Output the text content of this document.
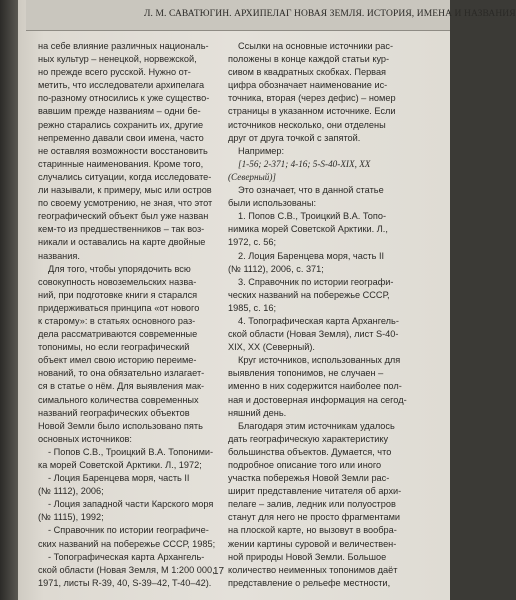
Л. М. САВАТЮГИН. АРХИПЕЛАГ НОВАЯ ЗЕМЛЯ. ИСТОРИЯ, ИМЕНА И НАЗВАНИЯ
на себе влияние различных националь-
ных культур – ненецкой, норвежской,
но прежде всего русской. Нужно от-
метить, что исследователи архипелага
по-разному относились к уже существо-
вавшим прежде названиям – одни бе-
режно старались сохранить их, другие
непременно давали свои имена, часто
не оставляя возможности восстановить
старинные наименования. Кроме того,
случались ситуации, когда исследовате-
ли называли, к примеру, мыс или остров
по своему усмотрению, не зная, что этот
географический объект был уже назван
кем-то из предшественников – так воз-
никали и оставались на карте двойные
названия.
Для того, чтобы упорядочить всю
совокупность новоземельских назва-
ний, при подготовке книги я старался
придерживаться принципа «от нового
к старому»: в статьях основного раз-
дела рассматриваются современные
топонимы, но если географический
объект имел свою историю переиме-
нований, то она обязательно излагает-
ся в статье о нём. Для выявления мак-
симального количества современных
названий географических объектов
Новой Земли было использовано пять
основных источников:
- Попов С.В., Троицкий В.А. Топоними-
ка морей Советской Арктики. Л., 1972;
- Лоция Баренцева моря, часть II
(№ 1112), 2006;
- Лоция западной части Карского моря
(№ 1115), 1992;
- Справочник по истории географиче-
ских названий на побережье СССР, 1985;
- Топографическая карта Архангель-
ской области (Новая Земля, М 1:200 000,
1971, листы R-39, 40, S-39–42, T-40–42).
Ссылки на основные источники рас-
положены в конце каждой статьи кур-
сивом в квадратных скобках. Первая
цифра обозначает наименование ис-
точника, вторая (через дефис) – номер
страницы в указанном источнике. Если
источников несколько, они отделены
друг от друга точкой с запятой.
Например:
[1-56; 2-371; 4-16; 5-S-40-XIX, XX
(Северный)]
Это означает, что в данной статье
были использованы:
1. Попов С.В., Троицкий В.А. Топо-
нимика морей Советской Арктики. Л.,
1972, с. 56;
2. Лоция Баренцева моря, часть II
(№ 1112), 2006, с. 371;
3. Справочник по истории географи-
ческих названий на побережье СССР,
1985, с. 16;
4. Топографическая карта Архангель-
ской области (Новая Земля), лист S-40-
XIX, XX (Северный).
Круг источников, использованных для
выявления топонимов, не случаен –
именно в них содержится наиболее пол-
ная и достоверная информация на сегод-
няшний день.
Благодаря этим источникам удалось
дать географическую характеристику
большинства объектов. Думается, что
подробное описание того или иного
участка побережья Новой Земли рас-
ширит представление читателя об архи-
пелаге – залив, ледник или полуостров
станут для него не просто фрагментами
на плоской карте, но вызовут в вообра-
жении картины суровой и величествен-
ной природы Новой Земли. Большое
количество неименных топонимов даёт
представление о рельефе местности,
17
